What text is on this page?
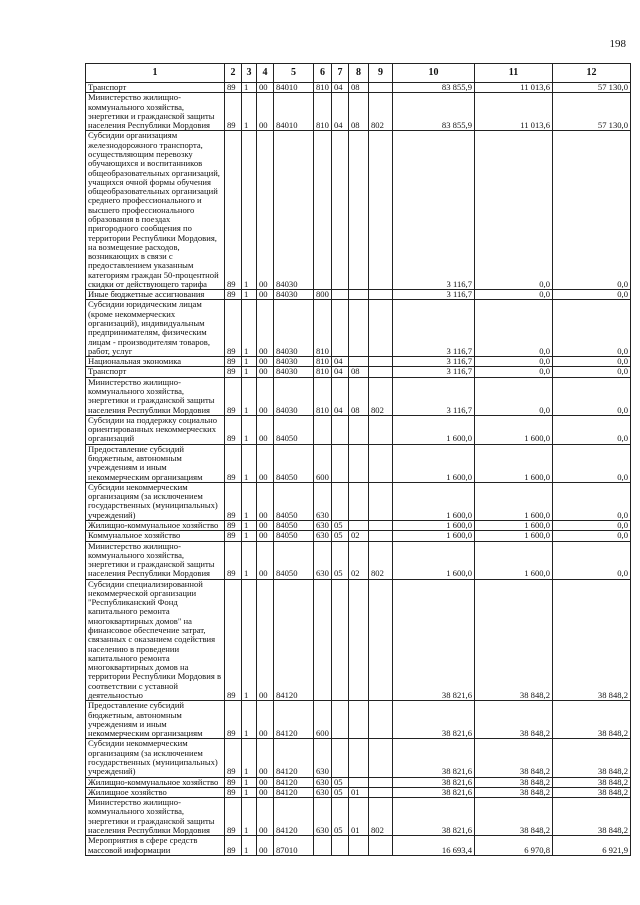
198
1	2	3	4	5	6	7	8	9	10	11	12
Транспорт	89	1	00	84010	810	04	08		83 855,9	11 013,6	57 130,0
Министерство жилищно-коммунального хозяйства, энергетики и гражданской защиты населения Республики Мордовия	89	1	00	84010	810	04	08	802	83 855,9	11 013,6	57 130,0
Субсидии организациям железнодорожного транспорта, осуществляющим перевозку обучающихся и воспитанников общеобразовательных организаций, учащихся очной формы обучения общеобразовательных организаций среднего профессионального и высшего профессионального образования в поездах пригородного сообщения по территории Республики Мордовия, на возмещение расходов, возникающих в связи с предоставлением указанным категориям граждан 50-процентной скидки от действующего тарифа	89	1	00	84030					3 116,7	0,0	0,0
Иные бюджетные ассигнования	89	1	00	84030	800				3 116,7	0,0	0,0
Субсидии юридическим лицам (кроме некоммерческих организаций), индивидуальным предпринимателям, физическим лицам - производителям товаров, работ, услуг	89	1	00	84030	810				3 116,7	0,0	0,0
Национальная экономика	89	1	00	84030	810	04			3 116,7	0,0	0,0
Транспорт	89	1	00	84030	810	04	08		3 116,7	0,0	0,0
Министерство жилищно-коммунального хозяйства, энергетики и гражданской защиты населения Республики Мордовия	89	1	00	84030	810	04	08	802	3 116,7	0,0	0,0
Субсидии на поддержку социально ориентированных некоммерческих организаций	89	1	00	84050					1 600,0	1 600,0	0,0
Предоставление субсидий бюджетным, автономным учреждениям и иным некоммерческим организациям	89	1	00	84050	600				1 600,0	1 600,0	0,0
Субсидии некоммерческим организациям (за исключением государственных (муниципальных) учреждений)	89	1	00	84050	630				1 600,0	1 600,0	0,0
Жилищно-коммунальное хозяйство	89	1	00	84050	630	05			1 600,0	1 600,0	0,0
Коммунальное хозяйство	89	1	00	84050	630	05	02		1 600,0	1 600,0	0,0
Министерство жилищно-коммунального хозяйства, энергетики и гражданской защиты населения Республики Мордовия	89	1	00	84050	630	05	02	802	1 600,0	1 600,0	0,0
Субсидии специализированной некоммерческой организации "Республиканский Фонд капитального ремонта многоквартирных домов" на финансовое обеспечение затрат, связанных с оказанием содействия населению в проведении капитального ремонта многоквартирных домов на территории Республики Мордовия в соответствии с уставной деятельностью	89	1	00	84120					38 821,6	38 848,2	38 848,2
Предоставление субсидий бюджетным, автономным учреждениям и иным некоммерческим организациям	89	1	00	84120	600				38 821,6	38 848,2	38 848,2
Субсидии некоммерческим организациям (за исключением государственных (муниципальных) учреждений)	89	1	00	84120	630				38 821,6	38 848,2	38 848,2
Жилищно-коммунальное хозяйство	89	1	00	84120	630	05			38 821,6	38 848,2	38 848,2
Жилищное хозяйство	89	1	00	84120	630	05	01		38 821,6	38 848,2	38 848,2
Министерство жилищно-коммунального хозяйства, энергетики и гражданской защиты населения Республики Мордовия	89	1	00	84120	630	05	01	802	38 821,6	38 848,2	38 848,2
Мероприятия в сфере средств массовой информации	89	1	00	87010					16 693,4	6 970,8	6 921,9
